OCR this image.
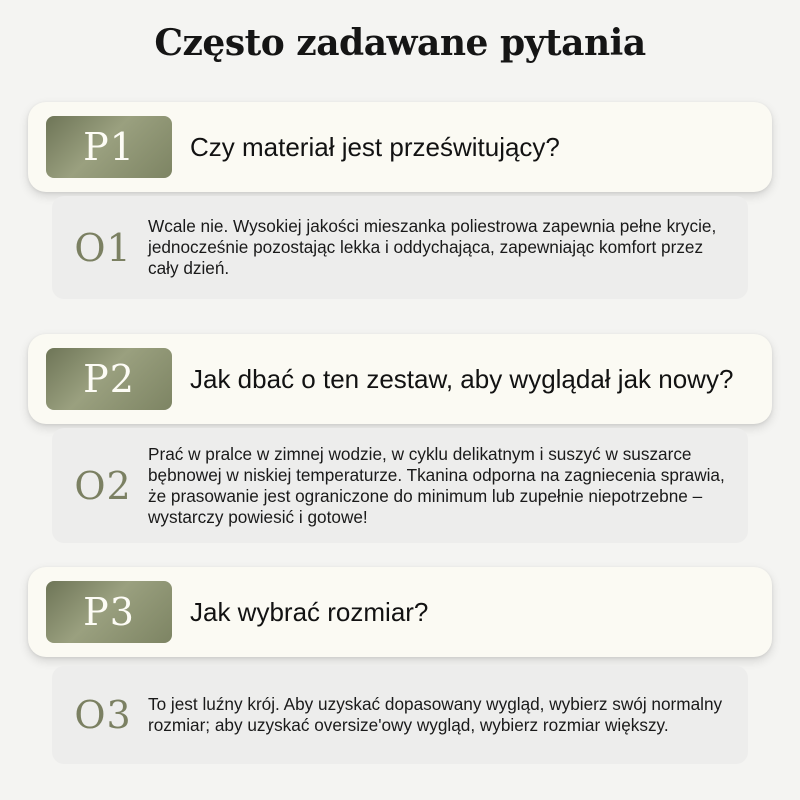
Często zadawane pytania
P1	Czy materiał jest prześwitujący?
O1 Wcale nie. Wysokiej jakości mieszanka poliestrowa zapewnia pełne krycie, jednocześnie pozostając lekka i oddychająca, zapewniając komfort przez cały dzień.
P2	Jak dbać o ten zestaw, aby wyglądał jak nowy?
O2
Prać w pralce w zimnej wodzie, w cyklu delikatnym i suszyć w suszarce bębnowej w niskiej temperaturze. Tkanina odporna na zagniecenia sprawia, że prasowanie jest ograniczone do minimum lub zupełnie niepotrzebne – wystarczy powiesić i gotowe!
P3	Jak wybrać rozmiar?
O3 To jest luźny krój. Aby uzyskać dopasowany wygląd, wybierz swój normalny rozmiar; aby uzyskać oversize'owy wygląd, wybierz rozmiar większy.
